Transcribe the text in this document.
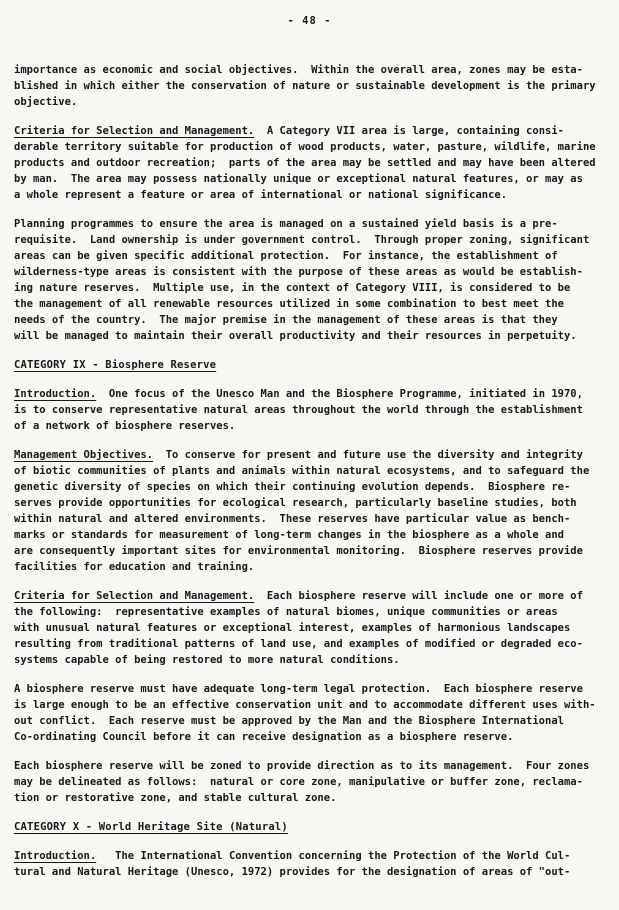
- 48 -
importance as economic and social objectives.  Within the overall area, zones may be esta-
blished in which either the conservation of nature or sustainable development is the primary
objective.
Criteria for Selection and Management.  A Category VII area is large, containing consi-
derable territory suitable for production of wood products, water, pasture, wildlife, marine
products and outdoor recreation;  parts of the area may be settled and may have been altered
by man.  The area may possess nationally unique or exceptional natural features, or may as
a whole represent a feature or area of international or national significance.
Planning programmes to ensure the area is managed on a sustained yield basis is a pre-
requisite.  Land ownership is under government control.  Through proper zoning, significant
areas can be given specific additional protection.  For instance, the establishment of
wilderness-type areas is consistent with the purpose of these areas as would be establish-
ing nature reserves.  Multiple use, in the context of Category VIII, is considered to be
the management of all renewable resources utilized in some combination to best meet the
needs of the country.  The major premise in the management of these areas is that they
will be managed to maintain their overall productivity and their resources in perpetuity.
CATEGORY IX - Biosphere Reserve
Introduction.  One focus of the Unesco Man and the Biosphere Programme, initiated in 1970,
is to conserve representative natural areas throughout the world through the establishment
of a network of biosphere reserves.
Management Objectives.  To conserve for present and future use the diversity and integrity
of biotic communities of plants and animals within natural ecosystems, and to safeguard the
genetic diversity of species on which their continuing evolution depends.  Biosphere re-
serves provide opportunities for ecological research, particularly baseline studies, both
within natural and altered environments.  These reserves have particular value as bench-
marks or standards for measurement of long-term changes in the biosphere as a whole and
are consequently important sites for environmental monitoring.  Biosphere reserves provide
facilities for education and training.
Criteria for Selection and Management.  Each biosphere reserve will include one or more of
the following:  representative examples of natural biomes, unique communities or areas
with unusual natural features or exceptional interest, examples of harmonious landscapes
resulting from traditional patterns of land use, and examples of modified or degraded eco-
systems capable of being restored to more natural conditions.
A biosphere reserve must have adequate long-term legal protection.  Each biosphere reserve
is large enough to be an effective conservation unit and to accommodate different uses with-
out conflict.  Each reserve must be approved by the Man and the Biosphere International
Co-ordinating Council before it can receive designation as a biosphere reserve.
Each biosphere reserve will be zoned to provide direction as to its management.  Four zones
may be delineated as follows:  natural or core zone, manipulative or buffer zone, reclama-
tion or restorative zone, and stable cultural zone.
CATEGORY X - World Heritage Site (Natural)
Introduction.   The International Convention concerning the Protection of the World Cul-
tural and Natural Heritage (Unesco, 1972) provides for the designation of areas of "out-
